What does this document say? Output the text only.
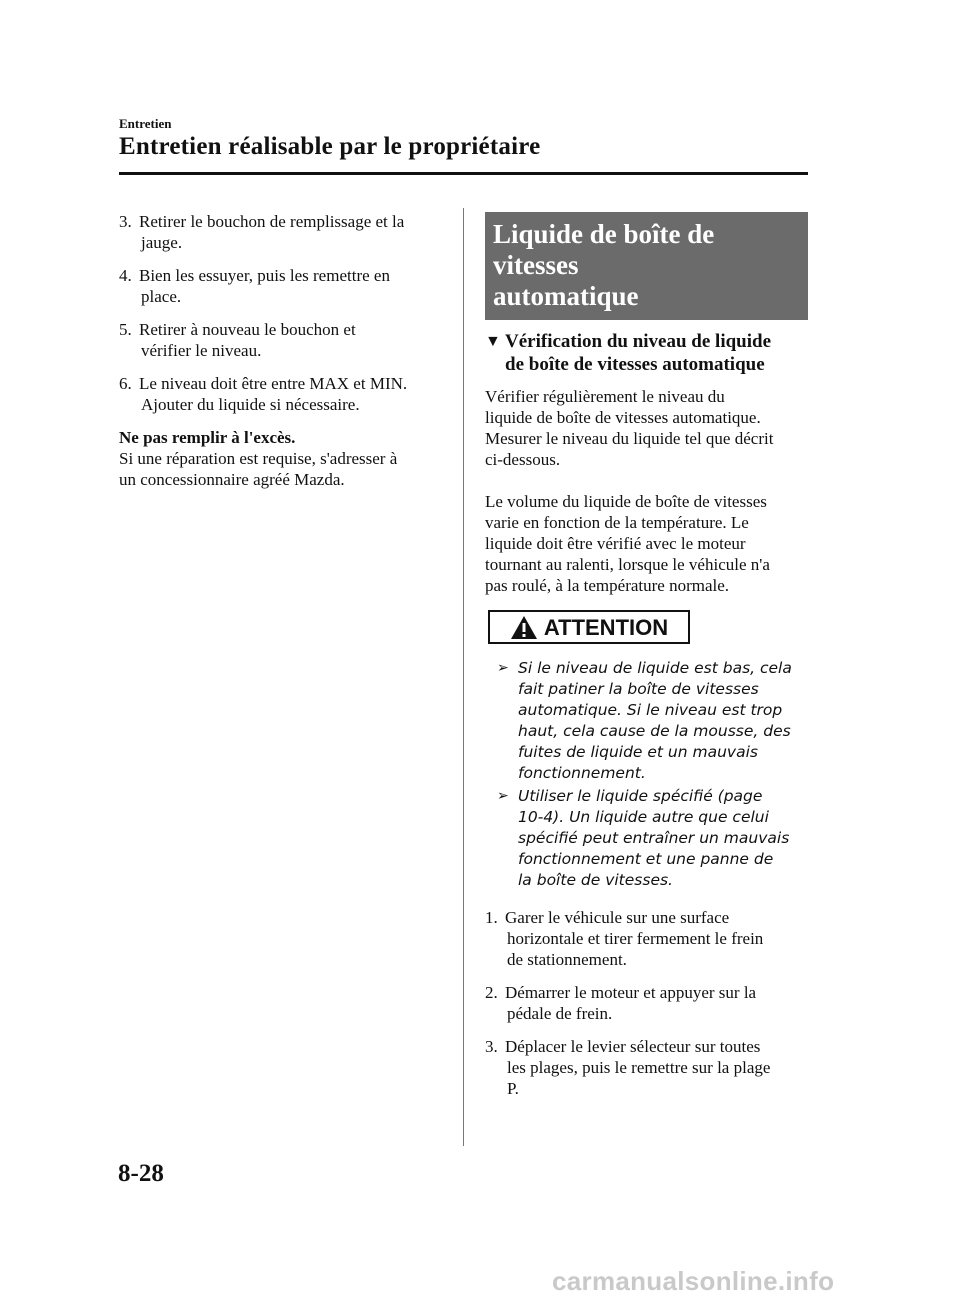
Entretien
Entretien réalisable par le propriétaire
3. Retirer le bouchon de remplissage et la
jauge.
4. Bien les essuyer, puis les remettre en
place.
5. Retirer à nouveau le bouchon et
vérifier le niveau.
6. Le niveau doit être entre MAX et MIN.
Ajouter du liquide si nécessaire.
Ne pas remplir à l'excès.
Si une réparation est requise, s'adresser à
un concessionnaire agréé Mazda.
Liquide de boîte de vitesses
automatique
▼ Vérification du niveau de liquide
de boîte de vitesses automatique
Vérifier régulièrement le niveau du
liquide de boîte de vitesses automatique.
Mesurer le niveau du liquide tel que décrit
ci-dessous.
Le volume du liquide de boîte de vitesses
varie en fonction de la température. Le
liquide doit être vérifié avec le moteur
tournant au ralenti, lorsque le véhicule n'a
pas roulé, à la température normale.
ATTENTION
➢ Si le niveau de liquide est bas, cela
fait patiner la boîte de vitesses
automatique. Si le niveau est trop
haut, cela cause de la mousse, des
fuites de liquide et un mauvais
fonctionnement.
➢ Utiliser le liquide spécifié (page
10-4). Un liquide autre que celui
spécifié peut entraîner un mauvais
fonctionnement et une panne de
la boîte de vitesses.
1. Garer le véhicule sur une surface
horizontale et tirer fermement le frein
de stationnement.
2. Démarrer le moteur et appuyer sur la
pédale de frein.
3. Déplacer le levier sélecteur sur toutes
les plages, puis le remettre sur la plage
P.
8-28
carmanualsonline.info
